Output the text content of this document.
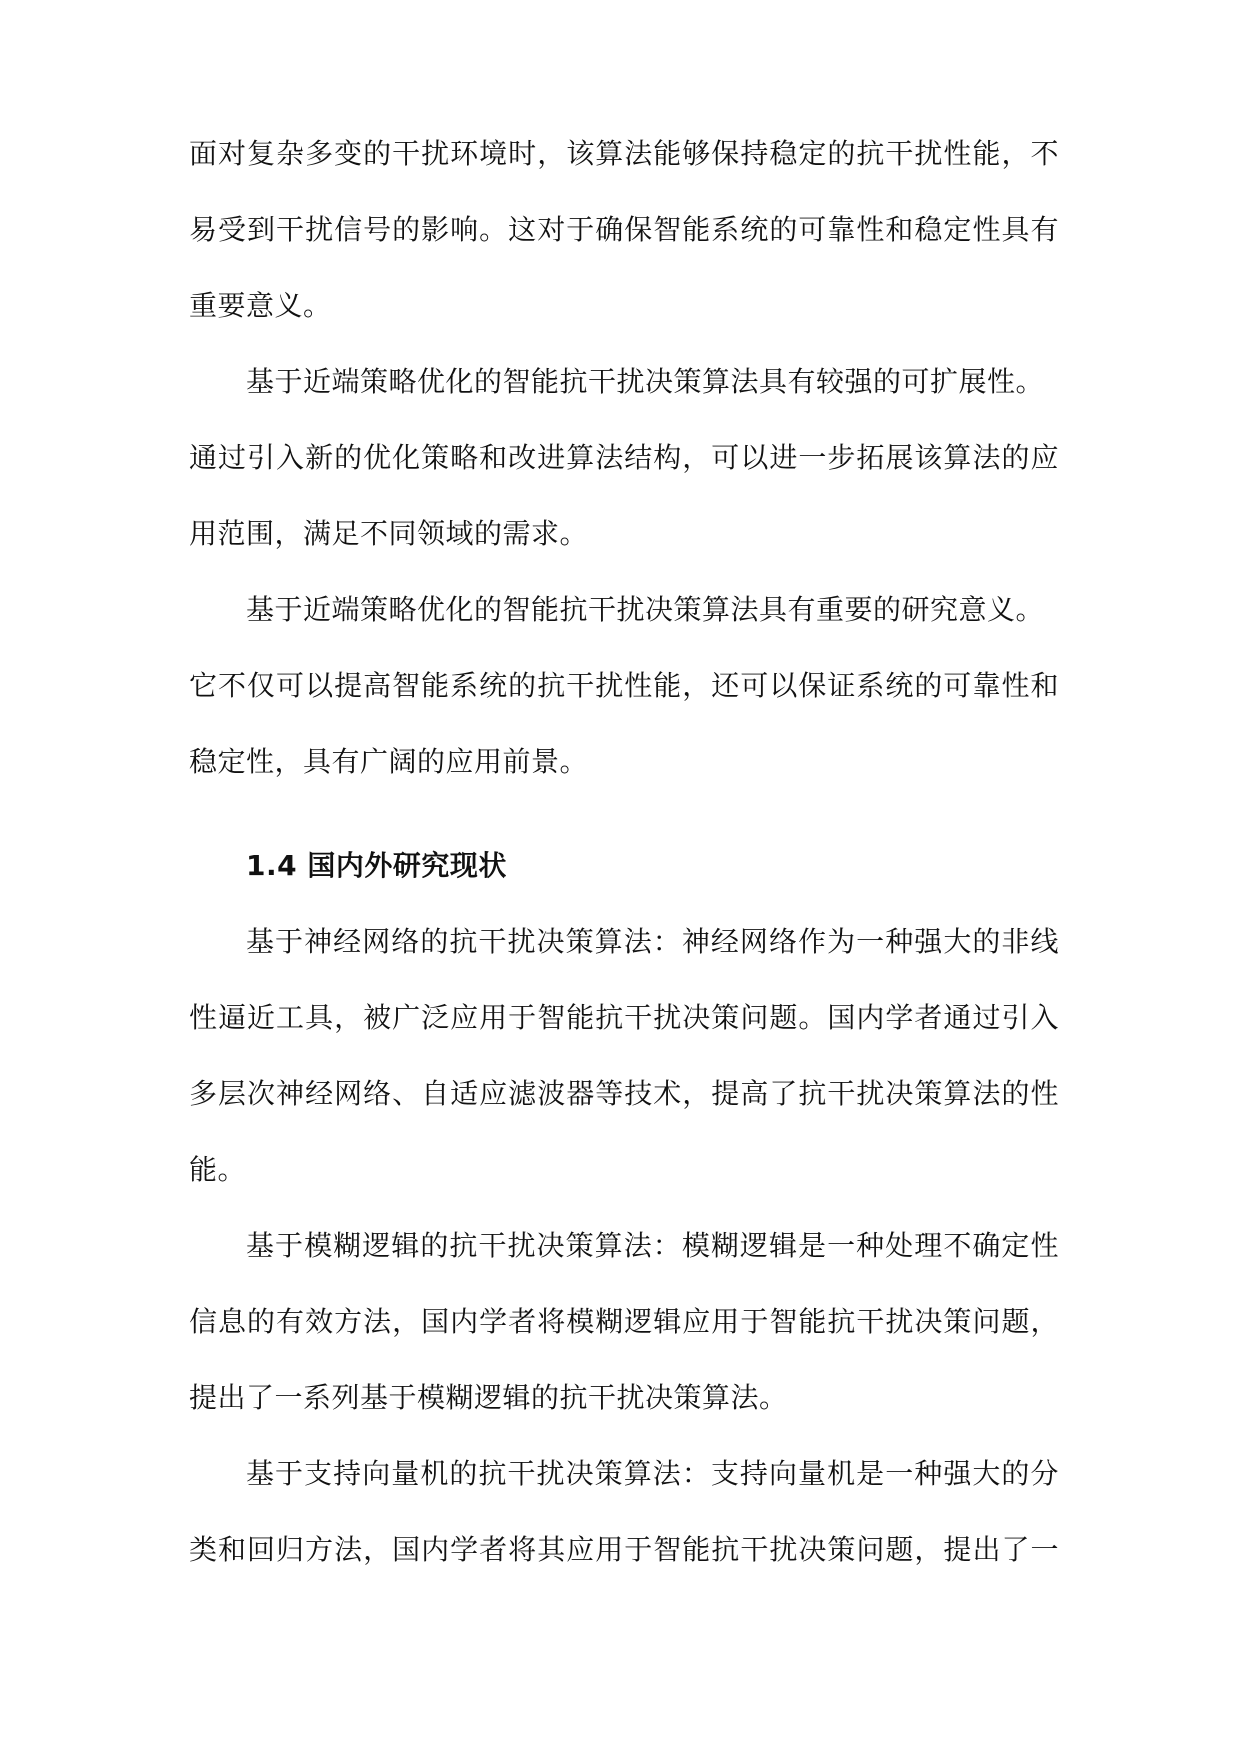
面对复杂多变的干扰环境时，该算法能够保持稳定的抗干扰性能，不
易受到干扰信号的影响。这对于确保智能系统的可靠性和稳定性具有
重要意义。
基于近端策略优化的智能抗干扰决策算法具有较强的可扩展性。
通过引入新的优化策略和改进算法结构，可以进一步拓展该算法的应
用范围，满足不同领域的需求。
基于近端策略优化的智能抗干扰决策算法具有重要的研究意义。
它不仅可以提高智能系统的抗干扰性能，还可以保证系统的可靠性和
稳定性，具有广阔的应用前景。
1.4 国内外研究现状
基于神经网络的抗干扰决策算法：神经网络作为一种强大的非线
性逼近工具，被广泛应用于智能抗干扰决策问题。国内学者通过引入
多层次神经网络、自适应滤波器等技术，提高了抗干扰决策算法的性
能。
基于模糊逻辑的抗干扰决策算法：模糊逻辑是一种处理不确定性
信息的有效方法，国内学者将模糊逻辑应用于智能抗干扰决策问题，
提出了一系列基于模糊逻辑的抗干扰决策算法。
基于支持向量机的抗干扰决策算法：支持向量机是一种强大的分
类和回归方法，国内学者将其应用于智能抗干扰决策问题，提出了一
